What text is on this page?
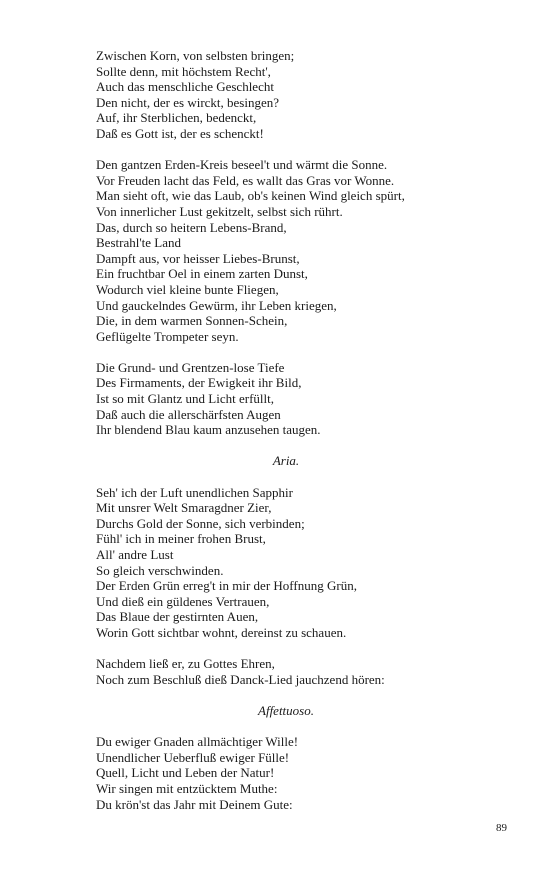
Zwischen Korn, von selbsten bringen;
Sollte denn, mit höchstem Recht',
Auch das menschliche Geschlecht
Den nicht, der es wirckt, besingen?
Auf, ihr Sterblichen, bedenckt,
Daß es Gott ist, der es schenckt!
Den gantzen Erden-Kreis beseel't und wärmt die Sonne.
Vor Freuden lacht das Feld, es wallt das Gras vor Wonne.
Man sieht oft, wie das Laub, ob's keinen Wind gleich spürt,
Von innerlicher Lust gekitzelt, selbst sich rührt.
Das, durch so heitern Lebens-Brand,
Bestrahl'te Land
Dampft aus, vor heisser Liebes-Brunst,
Ein fruchtbar Oel in einem zarten Dunst,
Wodurch viel kleine bunte Fliegen,
Und gauckelndes Gewürm, ihr Leben kriegen,
Die, in dem warmen Sonnen-Schein,
Geflügelte Trompeter seyn.
Die Grund- und Grentzen-lose Tiefe
Des Firmaments, der Ewigkeit ihr Bild,
Ist so mit Glantz und Licht erfüllt,
Daß auch die allerschärfsten Augen
Ihr blendend Blau kaum anzusehen taugen.
Aria.
Seh' ich der Luft unendlichen Sapphir
Mit unsrer Welt Smaragdner Zier,
Durchs Gold der Sonne, sich verbinden;
Fühl' ich in meiner frohen Brust,
All' andre Lust
So gleich verschwinden.
Der Erden Grün erreg't in mir der Hoffnung Grün,
Und dieß ein güldenes Vertrauen,
Das Blaue der gestirnten Auen,
Worin Gott sichtbar wohnt, dereinst zu schauen.
Nachdem ließ er, zu Gottes Ehren,
Noch zum Beschluß dieß Danck-Lied jauchzend hören:
Affettuoso.
Du ewiger Gnaden allmächtiger Wille!
Unendlicher Ueberfluß ewiger Fülle!
Quell, Licht und Leben der Natur!
Wir singen mit entzücktem Muthe:
Du krön'st das Jahr mit Deinem Gute:
89
